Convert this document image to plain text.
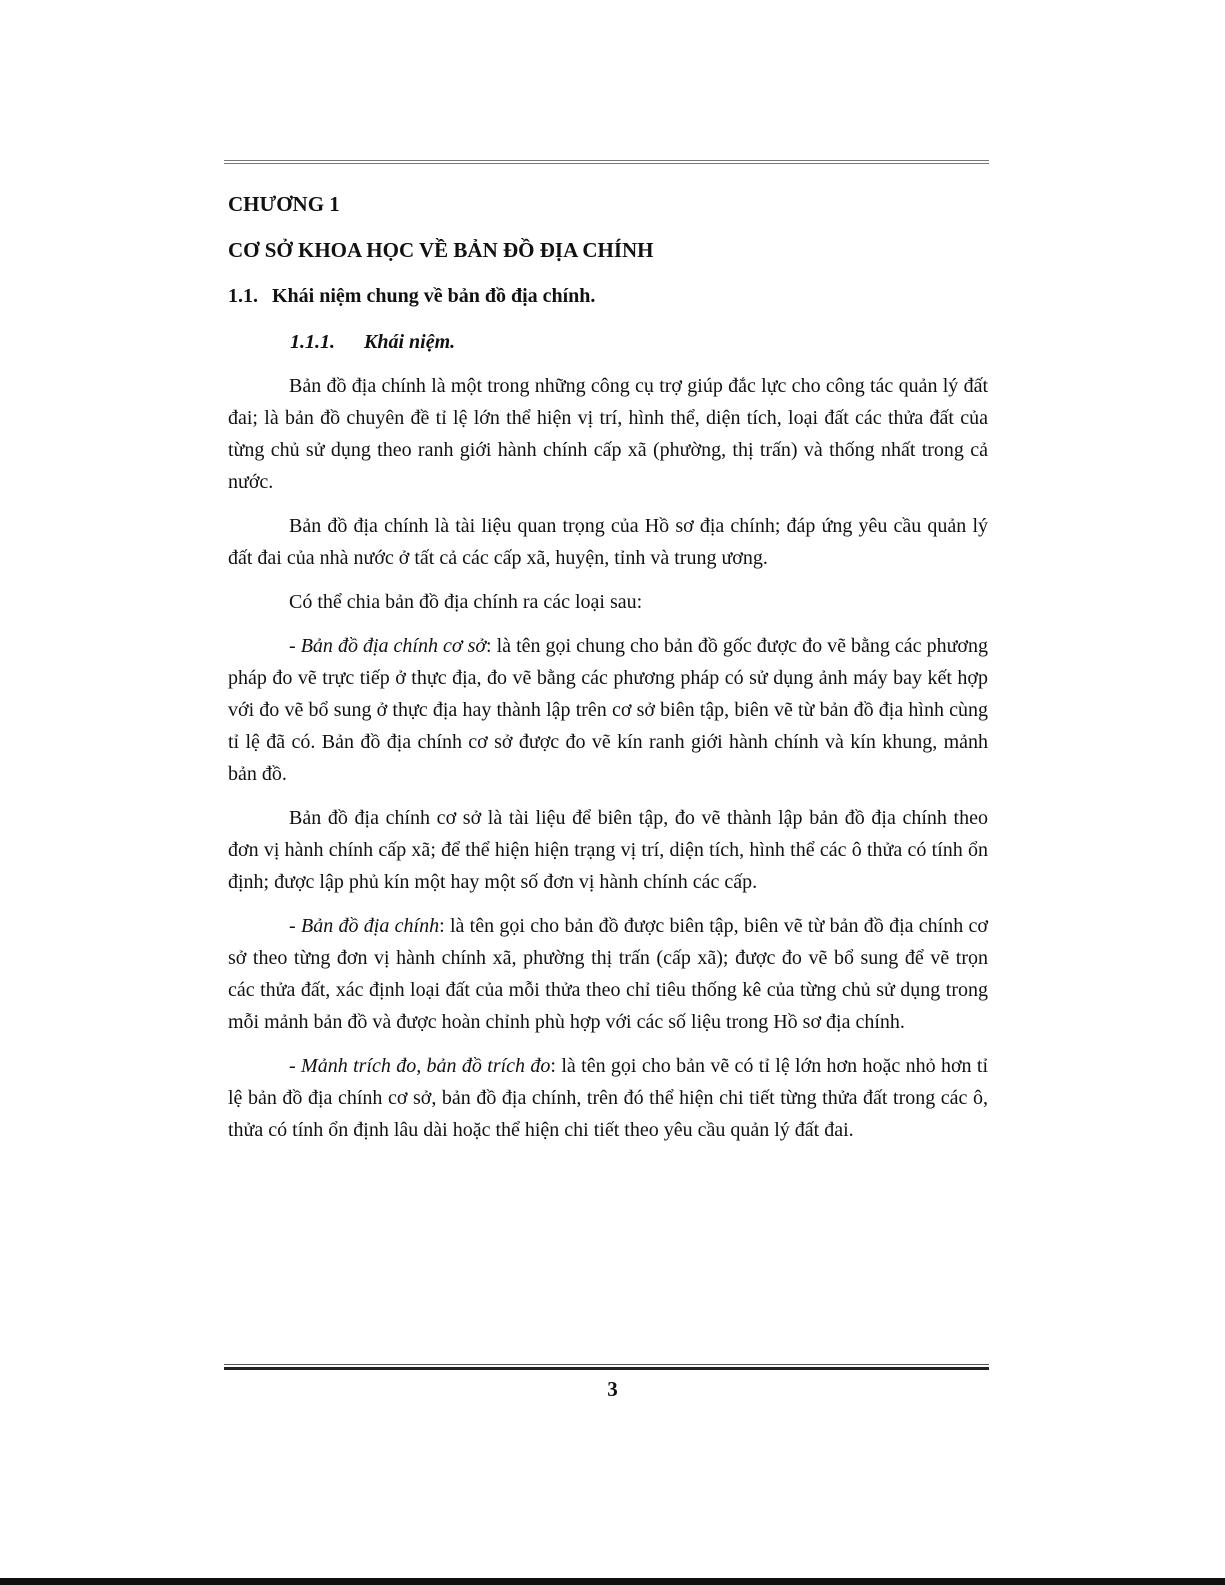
CHƯƠNG 1
CƠ SỞ KHOA HỌC VỀ BẢN ĐỒ ĐỊA CHÍNH
1.1. Khái niệm chung về bản đồ địa chính.
1.1.1. Khái niệm.

Bản đồ địa chính là một trong những công cụ trợ giúp đắc lực cho công tác quản lý đất đai; là bản đồ chuyên đề tỉ lệ lớn thể hiện vị trí, hình thể, diện tích, loại đất các thửa đất của từng chủ sử dụng theo ranh giới hành chính cấp xã (phường, thị trấn) và thống nhất trong cả nước.

Bản đồ địa chính là tài liệu quan trọng của Hồ sơ địa chính; đáp ứng yêu cầu quản lý đất đai của nhà nước ở tất cả các cấp xã, huyện, tỉnh và trung ương.

Có thể chia bản đồ địa chính ra các loại sau:

- Bản đồ địa chính cơ sở: là tên gọi chung cho bản đồ gốc được đo vẽ bằng các phương pháp đo vẽ trực tiếp ở thực địa, đo vẽ bằng các phương pháp có sử dụng ảnh máy bay kết hợp với đo vẽ bổ sung ở thực địa hay thành lập trên cơ sở biên tập, biên vẽ từ bản đồ địa hình cùng tỉ lệ đã có. Bản đồ địa chính cơ sở được đo vẽ kín ranh giới hành chính và kín khung, mảnh bản đồ.

Bản đồ địa chính cơ sở là tài liệu để biên tập, đo vẽ thành lập bản đồ địa chính theo đơn vị hành chính cấp xã; để thể hiện hiện trạng vị trí, diện tích, hình thể các ô thửa có tính ổn định; được lập phủ kín một hay một số đơn vị hành chính các cấp.

- Bản đồ địa chính: là tên gọi cho bản đồ được biên tập, biên vẽ từ bản đồ địa chính cơ sở theo từng đơn vị hành chính xã, phường thị trấn (cấp xã); được đo vẽ bổ sung để vẽ trọn các thửa đất, xác định loại đất của mỗi thửa theo chỉ tiêu thống kê của từng chủ sử dụng trong mỗi mảnh bản đồ và được hoàn chỉnh phù hợp với các số liệu trong Hồ sơ địa chính.

- Mảnh trích đo, bản đồ trích đo: là tên gọi cho bản vẽ có tỉ lệ lớn hơn hoặc nhỏ hơn tỉ lệ bản đồ địa chính cơ sở, bản đồ địa chính, trên đó thể hiện chi tiết từng thửa đất trong các ô, thửa có tính ổn định lâu dài hoặc thể hiện chi tiết theo yêu cầu quản lý đất đai.

3
